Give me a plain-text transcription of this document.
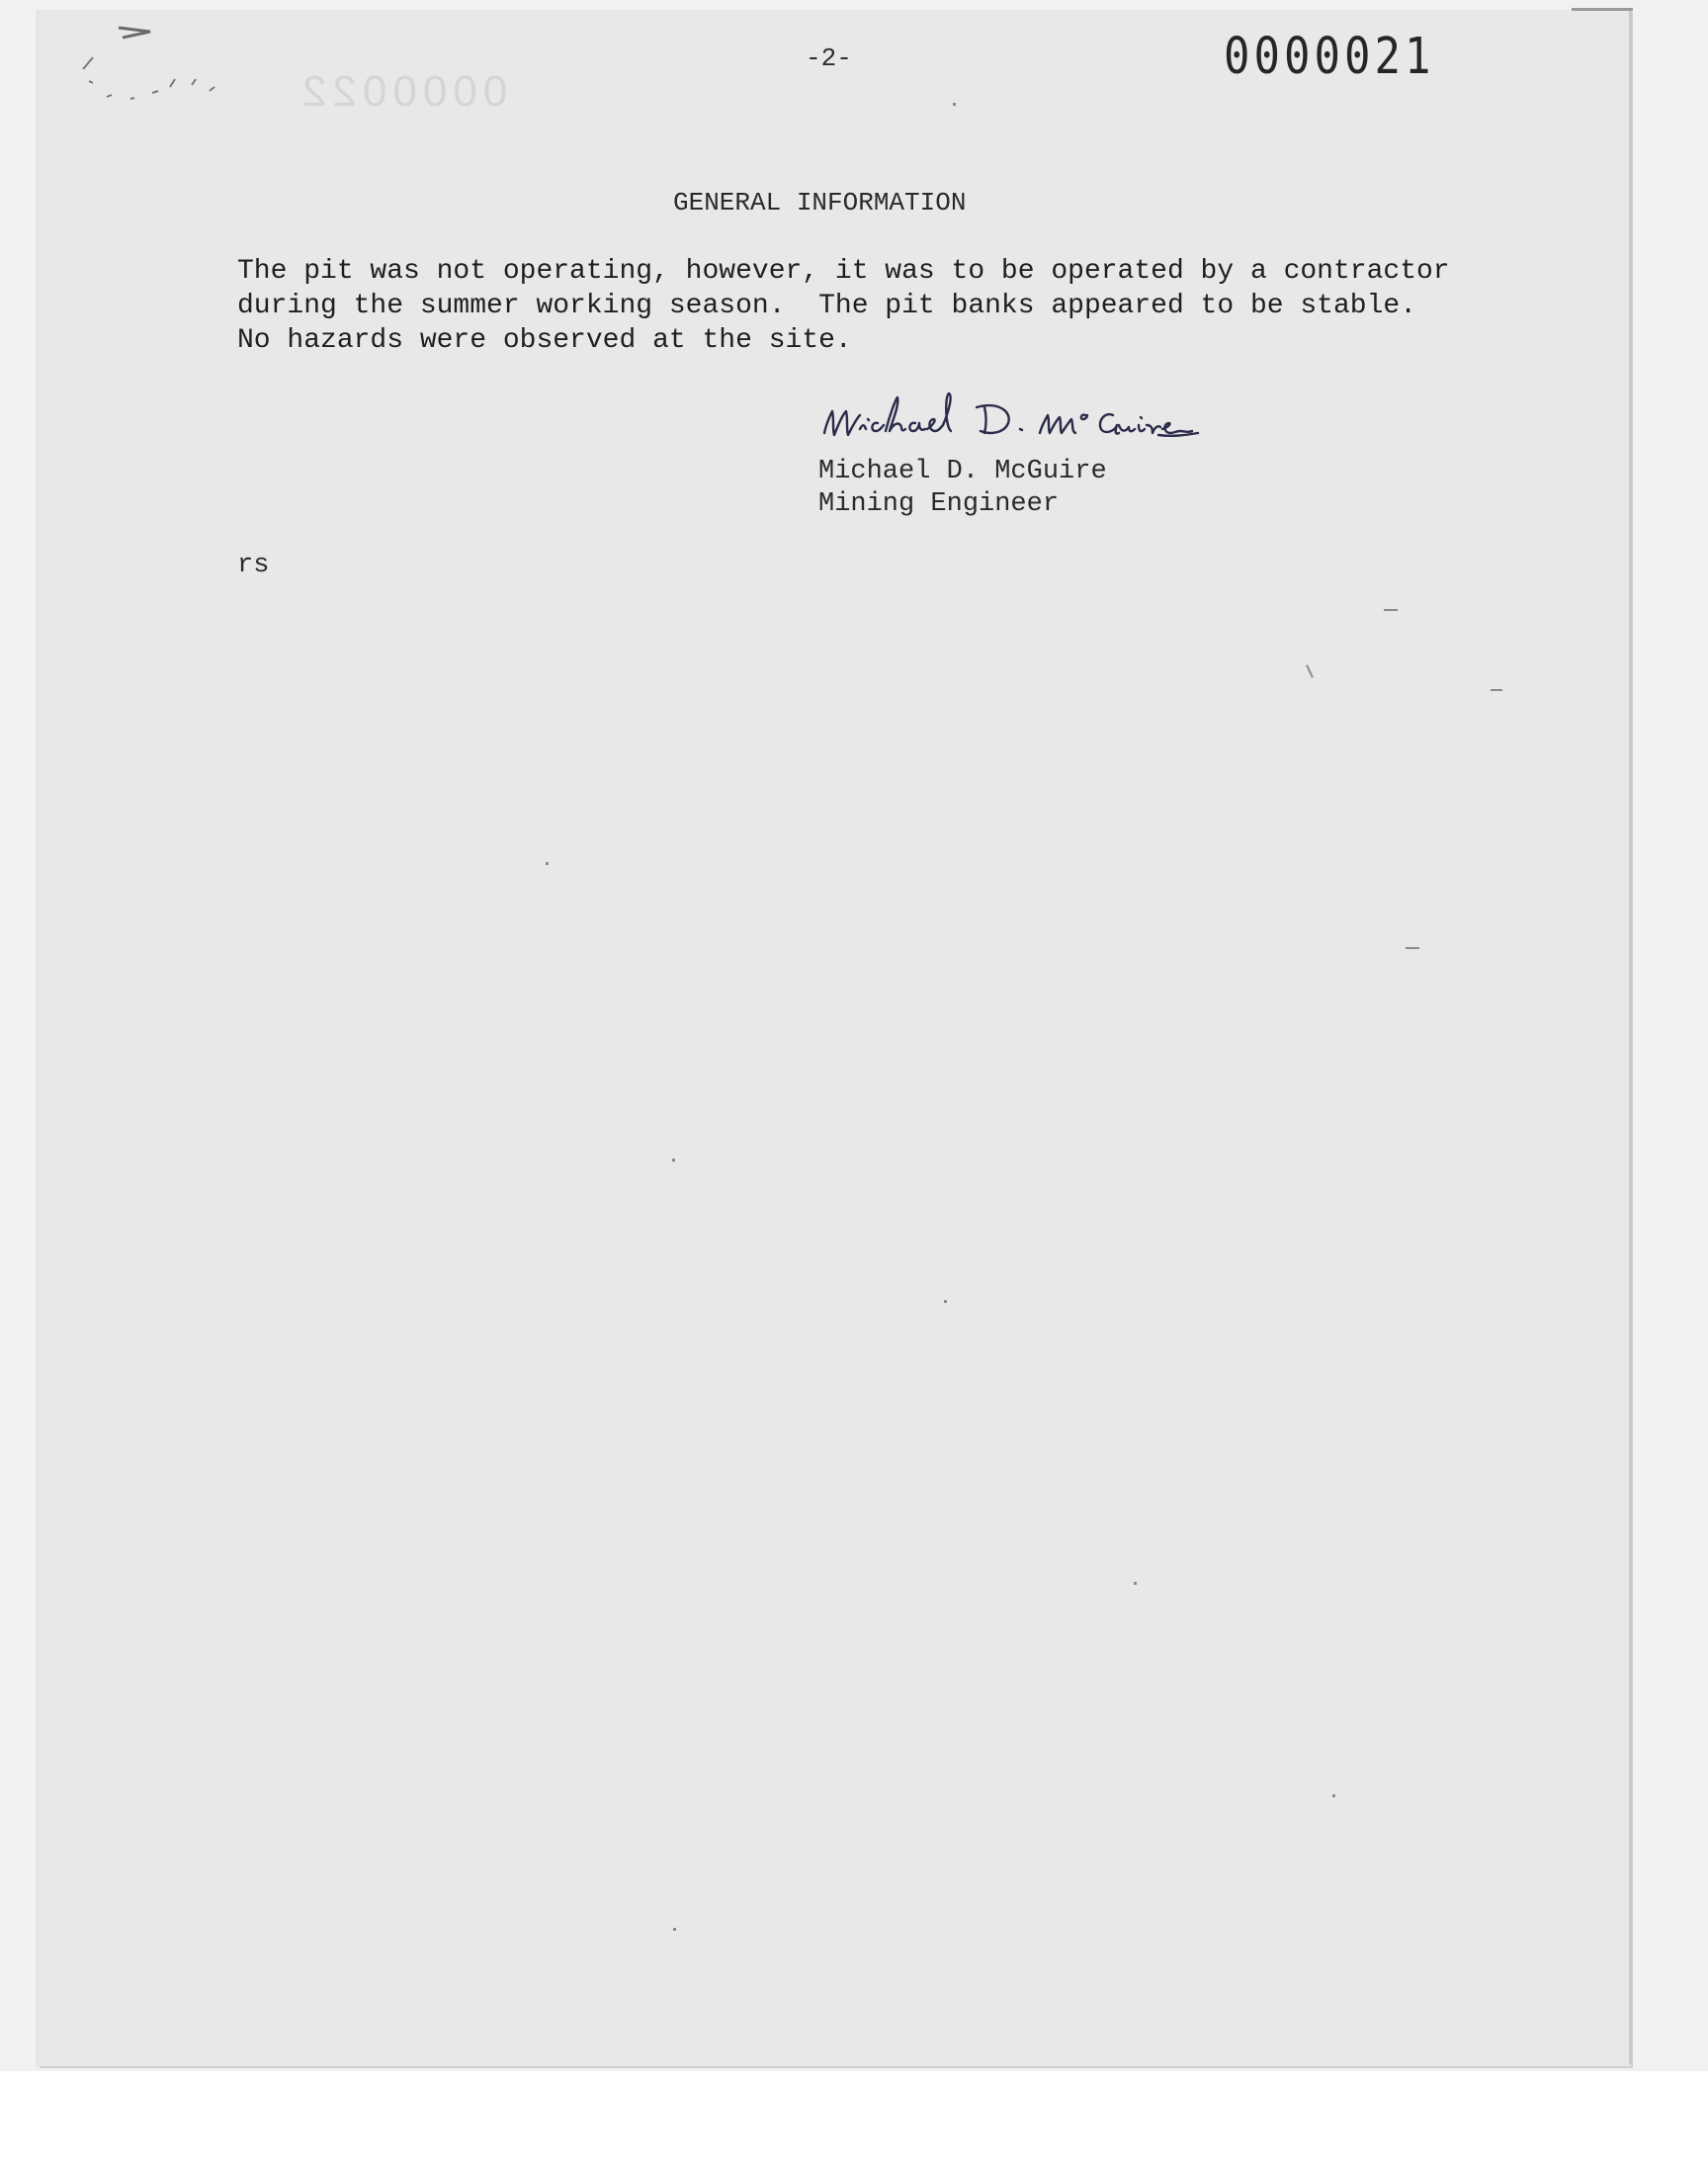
0000022
-2-	0000021
GENERAL INFORMATION
The pit was not operating, however, it was to be operated by a contractor
during the summer working season.  The pit banks appeared to be stable.
No hazards were observed at the site.
Michael D. McGuire
Mining Engineer
rs
